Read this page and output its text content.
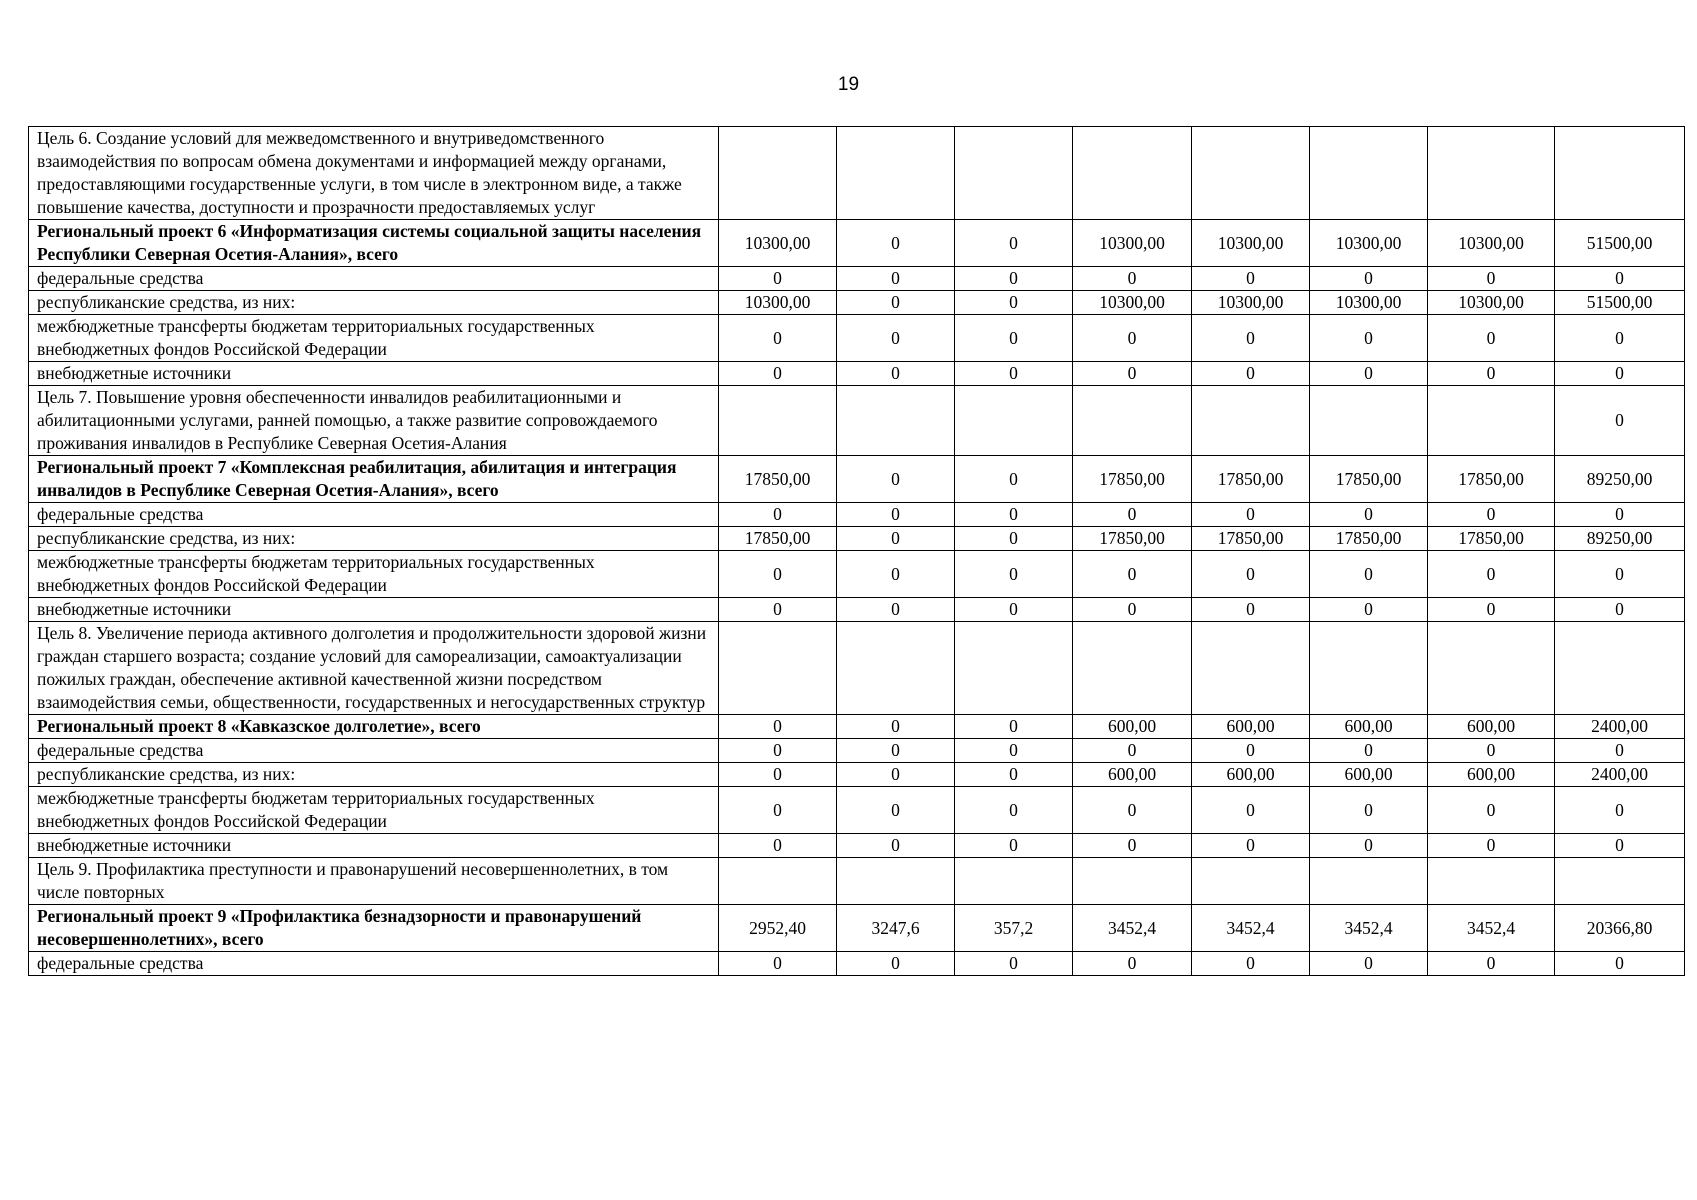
19
Цель 6. Создание условий для межведомственного и внутриведомственного взаимодействия по вопросам обмена документами и информацией между органами, предоставляющими государственные услуги, в том числе в электронном виде, а также повышение качества, доступности и прозрачности предоставляемых услуг								
Региональный проект 6 «Информатизация системы социальной защиты населения Республики Северная Осетия-Алания», всего	10300,00	0	0	10300,00	10300,00	10300,00	10300,00	51500,00
федеральные средства	0	0	0	0	0	0	0	0
республиканские средства, из них:	10300,00	0	0	10300,00	10300,00	10300,00	10300,00	51500,00
межбюджетные трансферты бюджетам территориальных государственных внебюджетных фондов Российской Федерации	0	0	0	0	0	0	0	0
внебюджетные источники	0	0	0	0	0	0	0	0
Цель 7. Повышение уровня обеспеченности инвалидов реабилитационными и абилитационными услугами, ранней помощью, а также развитие сопровождаемого проживания инвалидов в Республике Северная Осетия-Алания								0
Региональный проект 7 «Комплексная реабилитация, абилитация и интеграция инвалидов в Республике Северная Осетия-Алания», всего	17850,00	0	0	17850,00	17850,00	17850,00	17850,00	89250,00
федеральные средства	0	0	0	0	0	0	0	0
республиканские средства, из них:	17850,00	0	0	17850,00	17850,00	17850,00	17850,00	89250,00
межбюджетные трансферты бюджетам территориальных государственных внебюджетных фондов Российской Федерации	0	0	0	0	0	0	0	0
внебюджетные источники	0	0	0	0	0	0	0	0
Цель 8. Увеличение периода активного долголетия и продолжительности здоровой жизни граждан старшего возраста; создание условий для самореализации, самоактуализации пожилых граждан, обеспечение активной качественной жизни посредством взаимодействия семьи, общественности, государственных и негосударственных структур								
Региональный проект 8 «Кавказское долголетие», всего	0	0	0	600,00	600,00	600,00	600,00	2400,00
федеральные средства	0	0	0	0	0	0	0	0
республиканские средства, из них:	0	0	0	600,00	600,00	600,00	600,00	2400,00
межбюджетные трансферты бюджетам территориальных государственных внебюджетных фондов Российской Федерации	0	0	0	0	0	0	0	0
внебюджетные источники	0	0	0	0	0	0	0	0
Цель 9. Профилактика преступности и правонарушений несовершеннолетних, в том числе повторных								
Региональный проект 9 «Профилактика безнадзорности и правонарушений несовершеннолетних», всего	2952,40	3247,6	357,2	3452,4	3452,4	3452,4	3452,4	20366,80
федеральные средства	0	0	0	0	0	0	0	0
